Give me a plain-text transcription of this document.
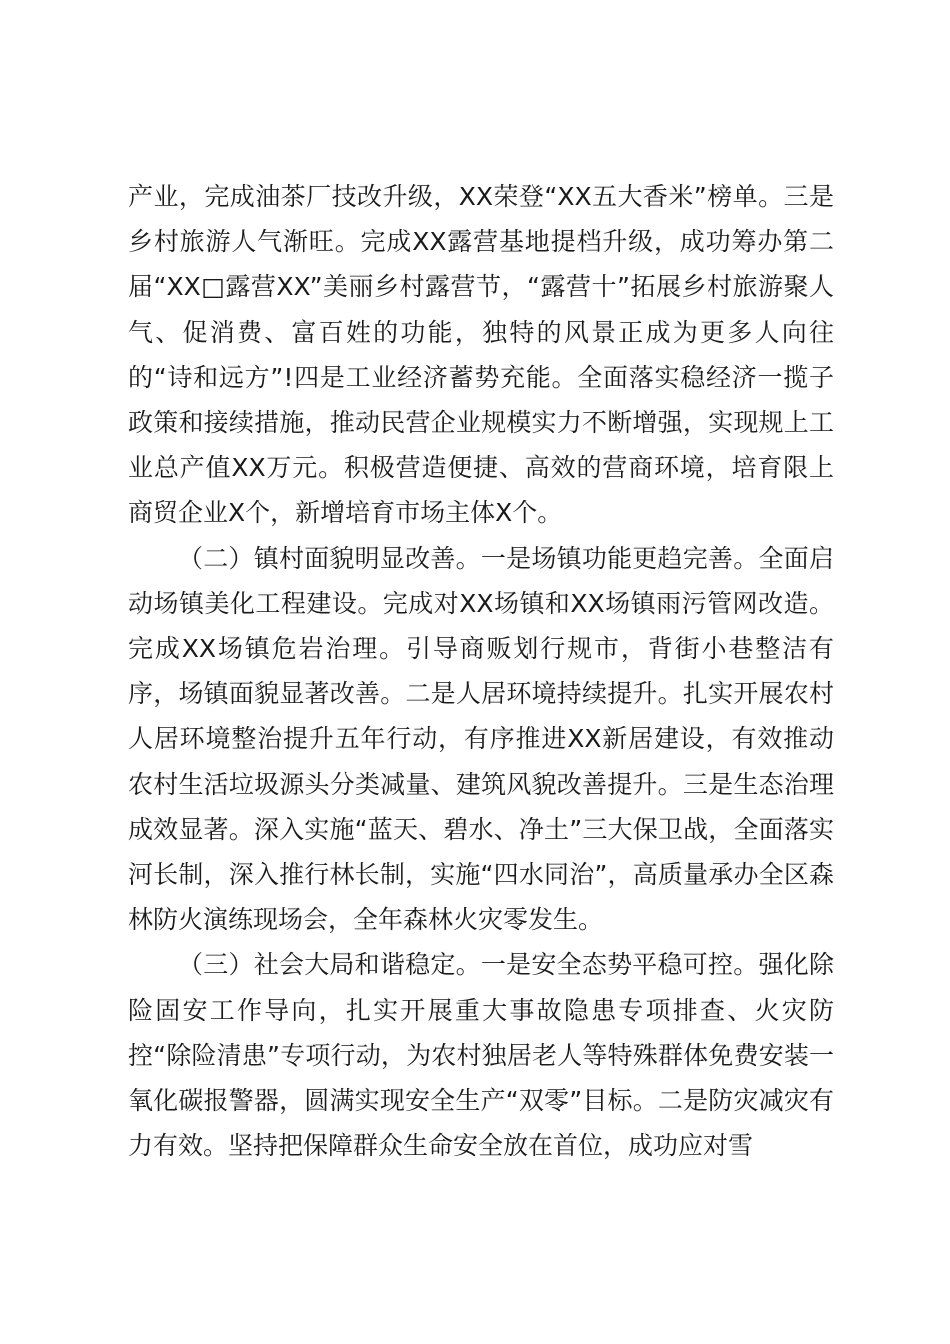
产业，完成油茶厂技改升级，XX荣登“XX五大香米”榜单。三是乡村旅游人气渐旺。完成XX露营基地提档升级，成功筹办第二届“XX□露营XX”美丽乡村露营节，“露营十”拓展乡村旅游聚人气、促消费、富百姓的功能，独特的风景正成为更多人向往的“诗和远方”!四是工业经济蓄势充能。全面落实稳经济一揽子政策和接续措施，推动民营企业规模实力不断增强，实现规上工业总产值XX万元。积极营造便捷、高效的营商环境，培育限上商贸企业X个，新增培育市场主体X个。

（二）镇村面貌明显改善。一是场镇功能更趋完善。全面启动场镇美化工程建设。完成对XX场镇和XX场镇雨污管网改造。完成XX场镇危岩治理。引导商贩划行规市，背街小巷整洁有序，场镇面貌显著改善。二是人居环境持续提升。扎实开展农村人居环境整治提升五年行动，有序推进XX新居建设，有效推动农村生活垃圾源头分类减量、建筑风貌改善提升。三是生态治理成效显著。深入实施“蓝天、碧水、净土”三大保卫战，全面落实河长制，深入推行林长制，实施“四水同治”，高质量承办全区森林防火演练现场会，全年森林火灾零发生。

（三）社会大局和谐稳定。一是安全态势平稳可控。强化除险固安工作导向，扎实开展重大事故隐患专项排查、火灾防控“除险清患”专项行动，为农村独居老人等特殊群体免费安装一氧化碳报警器，圆满实现安全生产“双零”目标。二是防灾减灾有力有效。坚持把保障群众生命安全放在首位，成功应对雪
